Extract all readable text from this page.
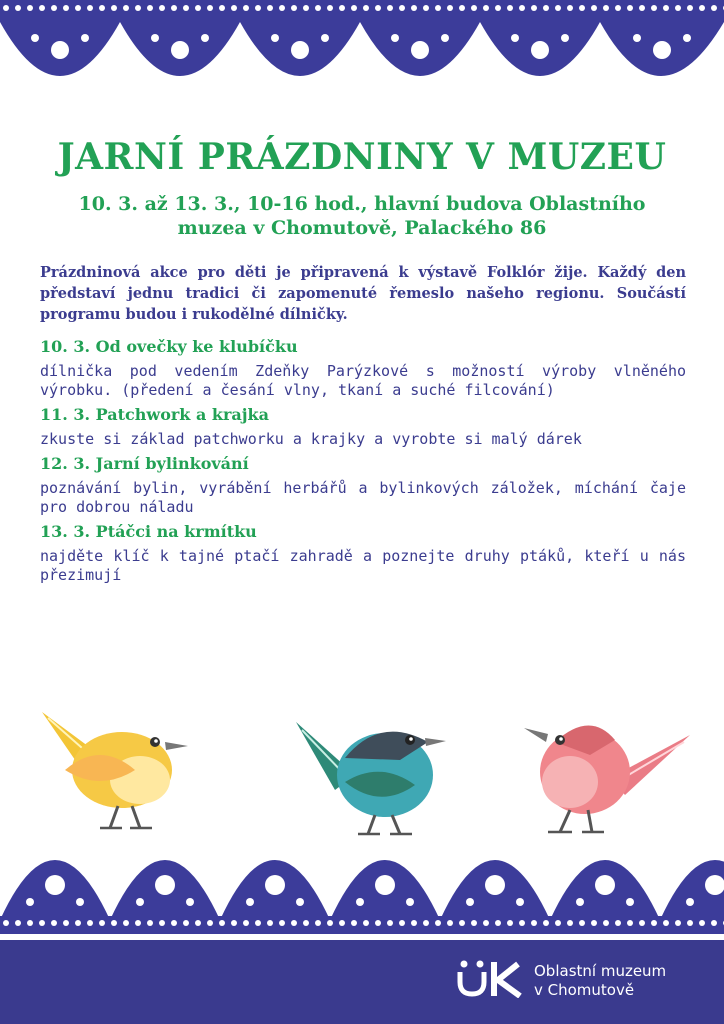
JARNÍ PRÁZDNINY V MUZEU

10. 3. až 13. 3., 10-16 hod., hlavní budova Oblastního
muzea v Chomutově, Palackého 86

Prázdninová akce pro děti je připravená k výstavě Folklór žije. Každý den představí jednu tradici či zapomenuté řemeslo našeho regionu. Součástí programu budou i rukodělné dílničky.

10. 3. Od ovečky ke klubíčku

dílnička pod vedením Zdeňky Parýzkové s možností výroby vlněného výrobku. (předení a česání vlny, tkaní a suché filcování)

11. 3. Patchwork a krajka

zkuste si základ patchworku a krajky a vyrobte si malý dárek

12. 3. Jarní bylinkování

poznávání bylin, vyrábění herbářů a bylinkových záložek, míchání čaje pro dobrou náladu

13. 3. Ptáčci na krmítku

najděte klíč k tajné ptačí zahradě a poznejte druhy ptáků, kteří u nás přezimují

Oblastní muzeum
v Chomutově
